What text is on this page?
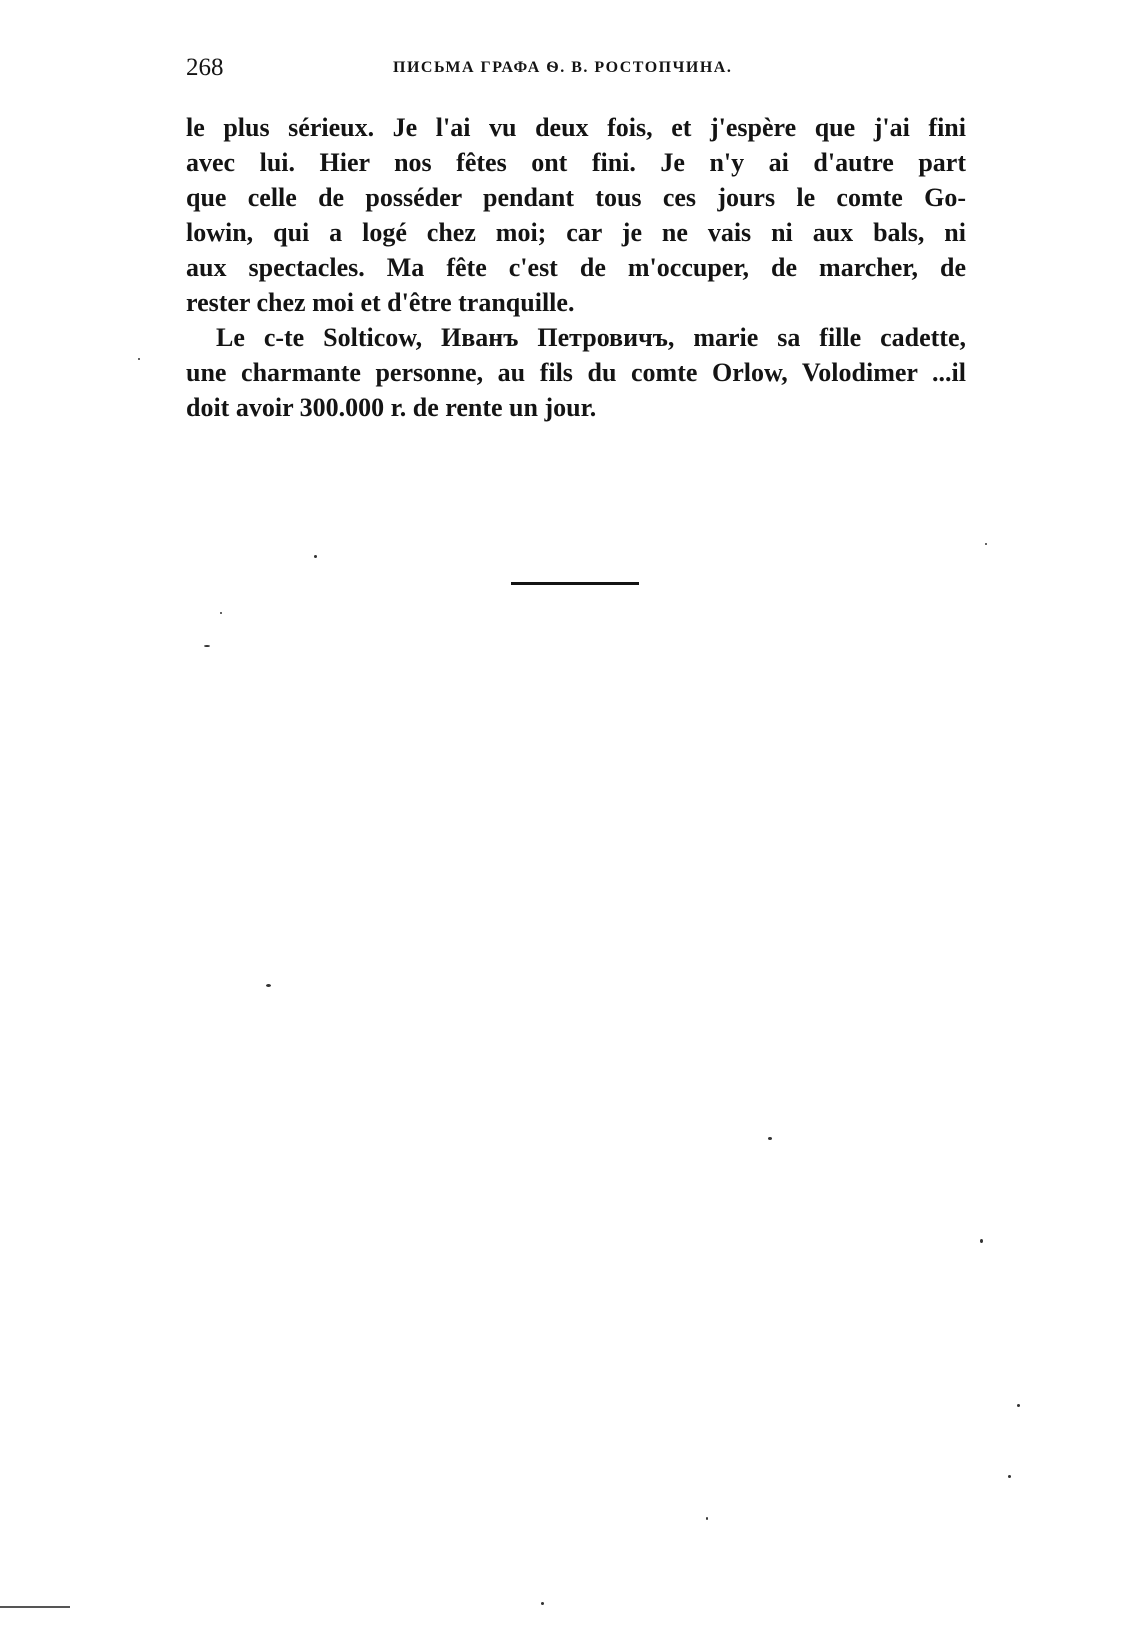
268	ПИСЬМА ГРАФА Ѳ. В. РОСТОПЧИНА.
le plus sérieux. Je l'ai vu deux fois, et j'espère que j'ai fini
avec lui. Hier nos fêtes ont fini. Je n'y ai d'autre part
que celle de posséder pendant tous ces jours le comte Go-
lowin, qui a logé chez moi; car je ne vais ni aux bals, ni
aux spectacles. Ma fête c'est de m'occuper, de marcher, de
rester chez moi et d'être tranquille.
Le c-te Solticow, Иванъ Петровичъ, marie sa fille cadette,
une charmante personne, au fils du comte Orlow, Volodimer ...il
doit avoir 300.000 r. de rente un jour.
